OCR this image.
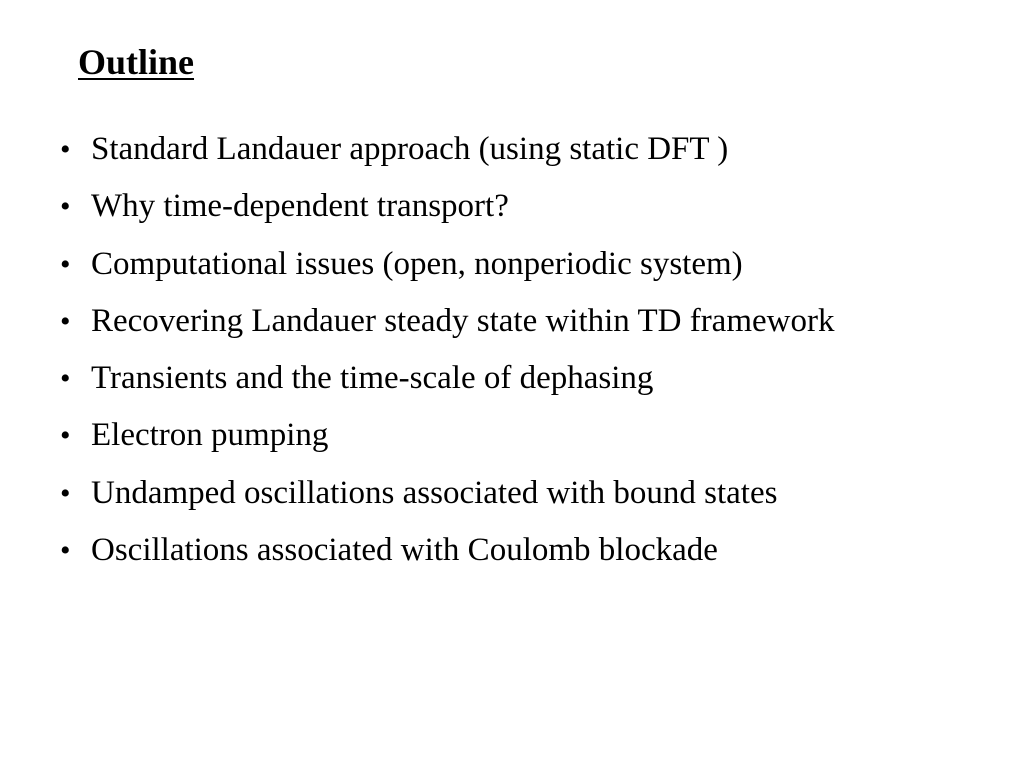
Outline
• Standard Landauer approach (using static DFT )
• Why time-dependent transport?
• Computational issues (open, nonperiodic system)
• Recovering Landauer steady state within TD framework
• Transients and the time-scale of dephasing
• Electron pumping
• Undamped oscillations associated with bound states
• Oscillations associated with Coulomb blockade
